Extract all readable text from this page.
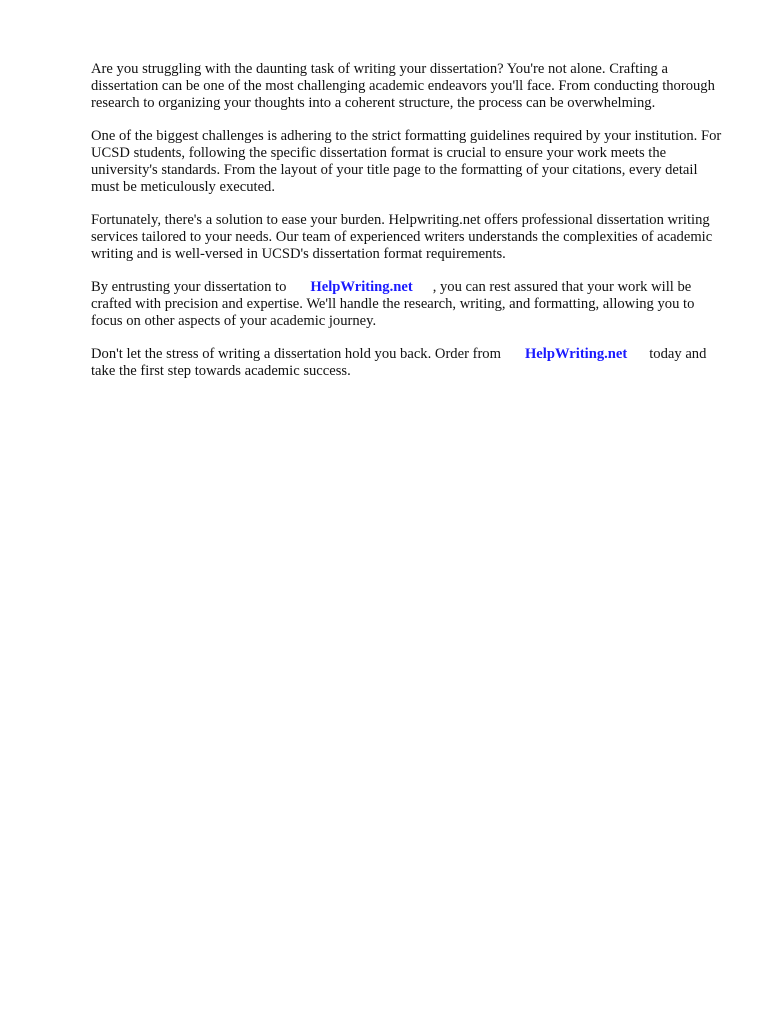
Are you struggling with the daunting task of writing your dissertation? You're not alone. Crafting a dissertation can be one of the most challenging academic endeavors you'll face. From conducting thorough research to organizing your thoughts into a coherent structure, the process can be overwhelming.

One of the biggest challenges is adhering to the strict formatting guidelines required by your institution. For UCSD students, following the specific dissertation format is crucial to ensure your work meets the university's standards. From the layout of your title page to the formatting of your citations, every detail must be meticulously executed.

Fortunately, there's a solution to ease your burden. Helpwriting.net offers professional dissertation writing services tailored to your needs. Our team of experienced writers understands the complexities of academic writing and is well-versed in UCSD's dissertation format requirements.

By entrusting your dissertation to HelpWriting.net , you can rest assured that your work will be crafted with precision and expertise. We'll handle the research, writing, and formatting, allowing you to focus on other aspects of your academic journey.

Don't let the stress of writing a dissertation hold you back. Order from HelpWriting.net today and take the first step towards academic success.
